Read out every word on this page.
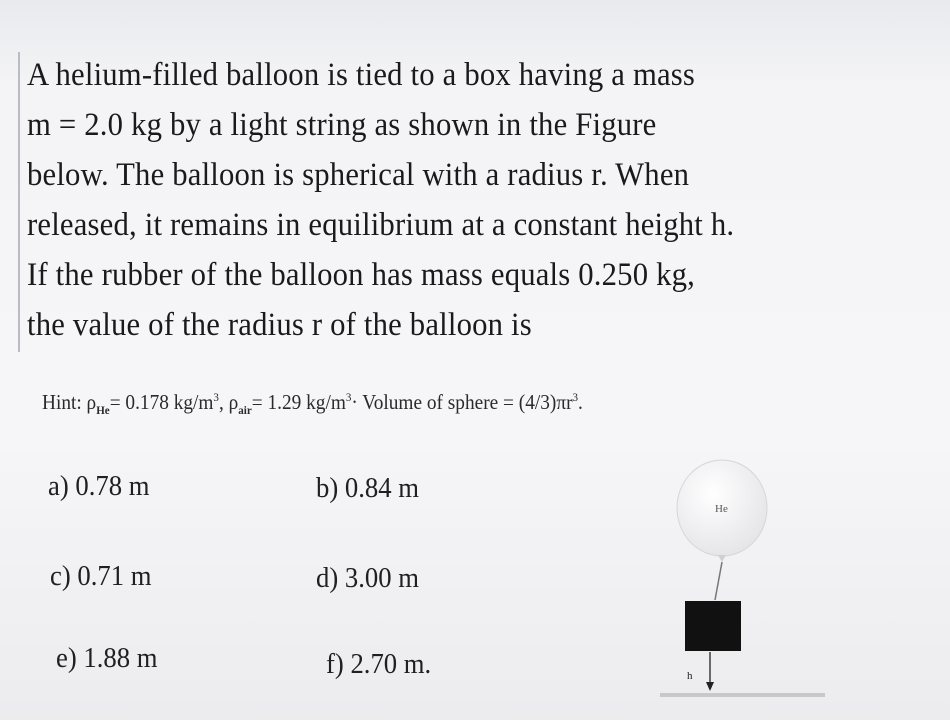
A helium-filled balloon is tied to a box having a mass
m = 2.0 kg by a light string as shown in the Figure
below. The balloon is spherical with a radius r. When
released, it remains in equilibrium at a constant height h.
If the rubber of the balloon has mass equals 0.250 kg,
the value of the radius r of the balloon is
Hint: $\rho_{He}= 0.178$ $kg/m^3$, $\rho_{air}= 1.29$ $kg/m^3\cdot$ Volume of sphere = $(4/3)\pi r^3$.
a) 0.78 m	b) 0.84 m
c) 0.71 m	d) 3.00 m
e) 1.88 m	f) 2.70 m.
He
h
